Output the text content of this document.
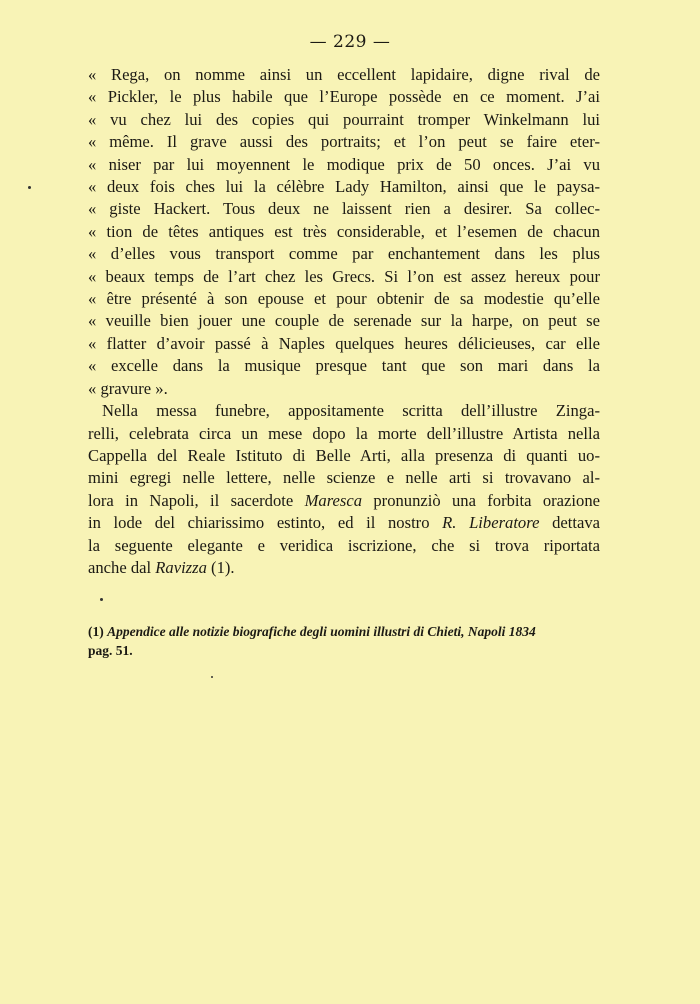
— 229 —
« Rega, on nomme ainsi un eccellent lapidaire, digne rival de
« Pickler, le plus habile que l’Europe possède en ce moment. J’ai
« vu chez lui des copies qui pourraint tromper Winkelmann lui
« même. Il grave aussi des portraits; et l’on peut se faire eter-
« niser par lui moyennent le modique prix de 50 onces. J’ai vu
« deux fois ches lui la célèbre Lady Hamilton, ainsi que le paysa-
« giste Hackert. Tous deux ne laissent rien a desirer. Sa collec-
« tion de têtes antiques est très considerable, et l’esemen de chacun
« d’elles vous transport comme par enchantement dans les plus
« beaux temps de l’art chez les Grecs. Si l’on est assez hereux pour
« être présenté à son epouse et pour obtenir de sa modestie qu’elle
« veuille bien jouer une couple de serenade sur la harpe, on peut se
« flatter d’avoir passé à Naples quelques heures délicieuses, car elle
« excelle dans la musique presque tant que son mari dans la
« gravure ».
Nella messa funebre, appositamente scritta dell’illustre Zinga-
relli, celebrata circa un mese dopo la morte dell’illustre Artista nella
Cappella del Reale Istituto di Belle Arti, alla presenza di quanti uo-
mini egregi nelle lettere, nelle scienze e nelle arti si trovavano al-
lora in Napoli, il sacerdote Maresca pronunziò una forbita orazione
in lode del chiarissimo estinto, ed il nostro R. Liberatore dettava
la seguente elegante e veridica iscrizione, che si trova riportata
anche dal Ravizza (1).
(1) Appendice alle notizie biografiche degli uomini illustri di Chieti, Napoli 1834
pag. 51.
